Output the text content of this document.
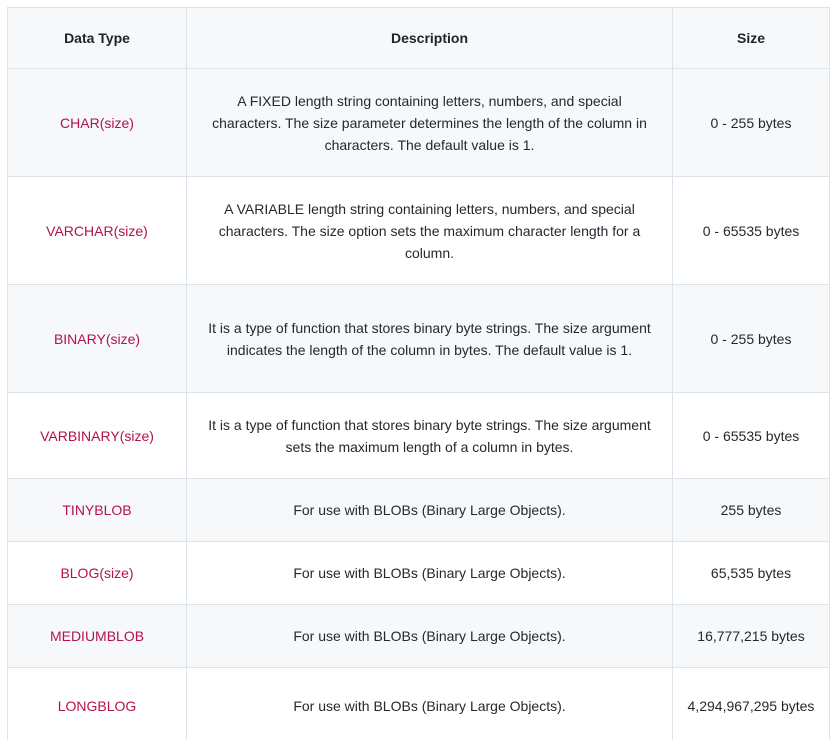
Data Type	Description	Size
CHAR(size)	A FIXED length string containing letters, numbers, and special characters. The size parameter determines the length of the column in characters. The default value is 1.	0 - 255 bytes
VARCHAR(size)	A VARIABLE length string containing letters, numbers, and special characters. The size option sets the maximum character length for a column.	0 - 65535 bytes
BINARY(size)	It is a type of function that stores binary byte strings. The size argument indicates the length of the column in bytes. The default value is 1.	0 - 255 bytes
VARBINARY(size)	It is a type of function that stores binary byte strings. The size argument sets the maximum length of a column in bytes.	0 - 65535 bytes
TINYBLOB	For use with BLOBs (Binary Large Objects).	255 bytes
BLOG(size)	For use with BLOBs (Binary Large Objects).	65,535 bytes
MEDIUMBLOB	For use with BLOBs (Binary Large Objects).	16,777,215 bytes
LONGBLOG	For use with BLOBs (Binary Large Objects).	4,294,967,295 bytes
